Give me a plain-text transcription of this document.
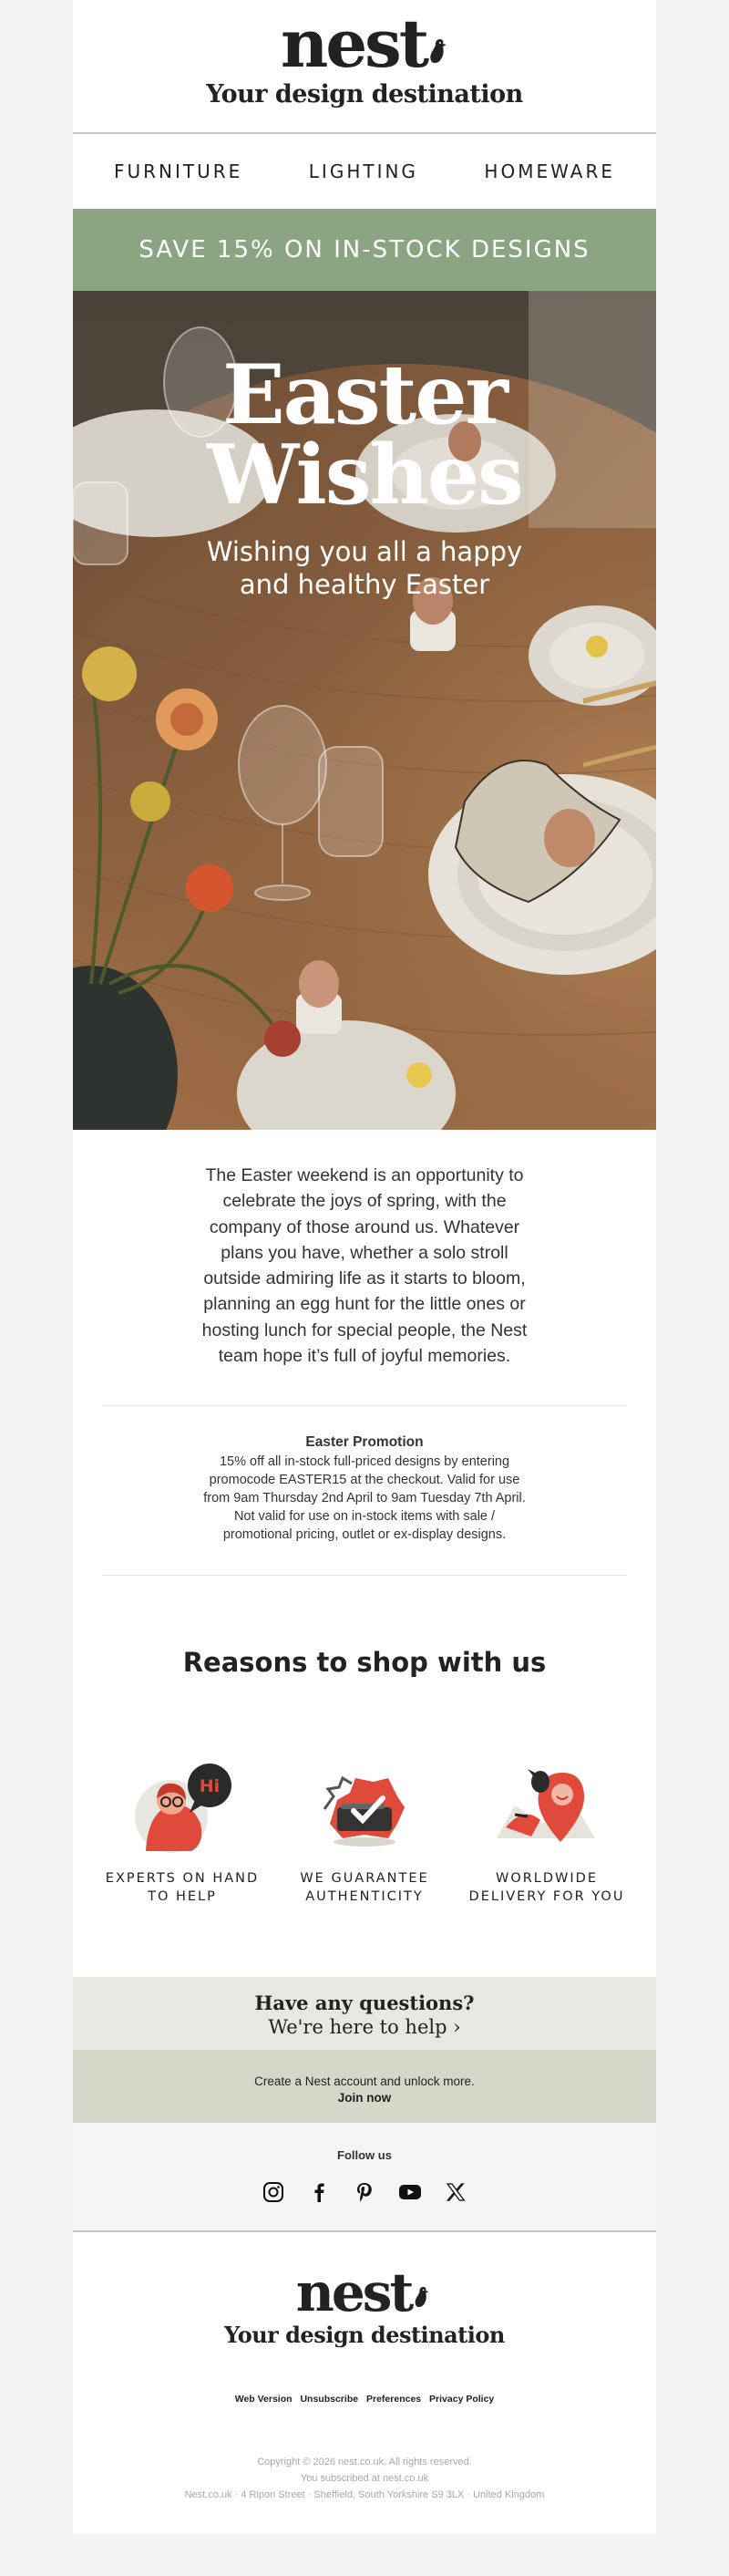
nest
Your design destination
FURNITURE	LIGHTING	HOMEWARE
SAVE 15% ON IN-STOCK DESIGNS
Easter
Wishes
Wishing you all a happy
and healthy Easter
The Easter weekend is an opportunity to celebrate the joys of spring, with the company of those around us. Whatever plans you have, whether a solo stroll outside admiring life as it starts to bloom, planning an egg hunt for the little ones or hosting lunch for special people, the Nest team hope it’s full of joyful memories.
Easter Promotion
15% off all in-stock full-priced designs by entering promocode EASTER15 at the checkout. Valid for use from 9am Thursday 2nd April to 9am Tuesday 7th April. Not valid for use on in-stock items with sale / promotional pricing, outlet or ex-display designs.
Reasons to shop with us
Hi
EXPERTS ON HAND
TO HELP
WE GUARANTEE
AUTHENTICITY
WORLDWIDE
DELIVERY FOR YOU
Have any questions?
We're here to help ›
Create a Nest account and unlock more.
Join now
Follow us
nest
Your design destination
Web Version Unsubscribe Preferences Privacy Policy
Copyright © 2026 nest.co.uk, All rights reserved.
You subscribed at nest.co.uk
Nest.co.uk · 4 Ripon Street · Sheffield, South Yorkshire S9 3LX · United Kingdom
